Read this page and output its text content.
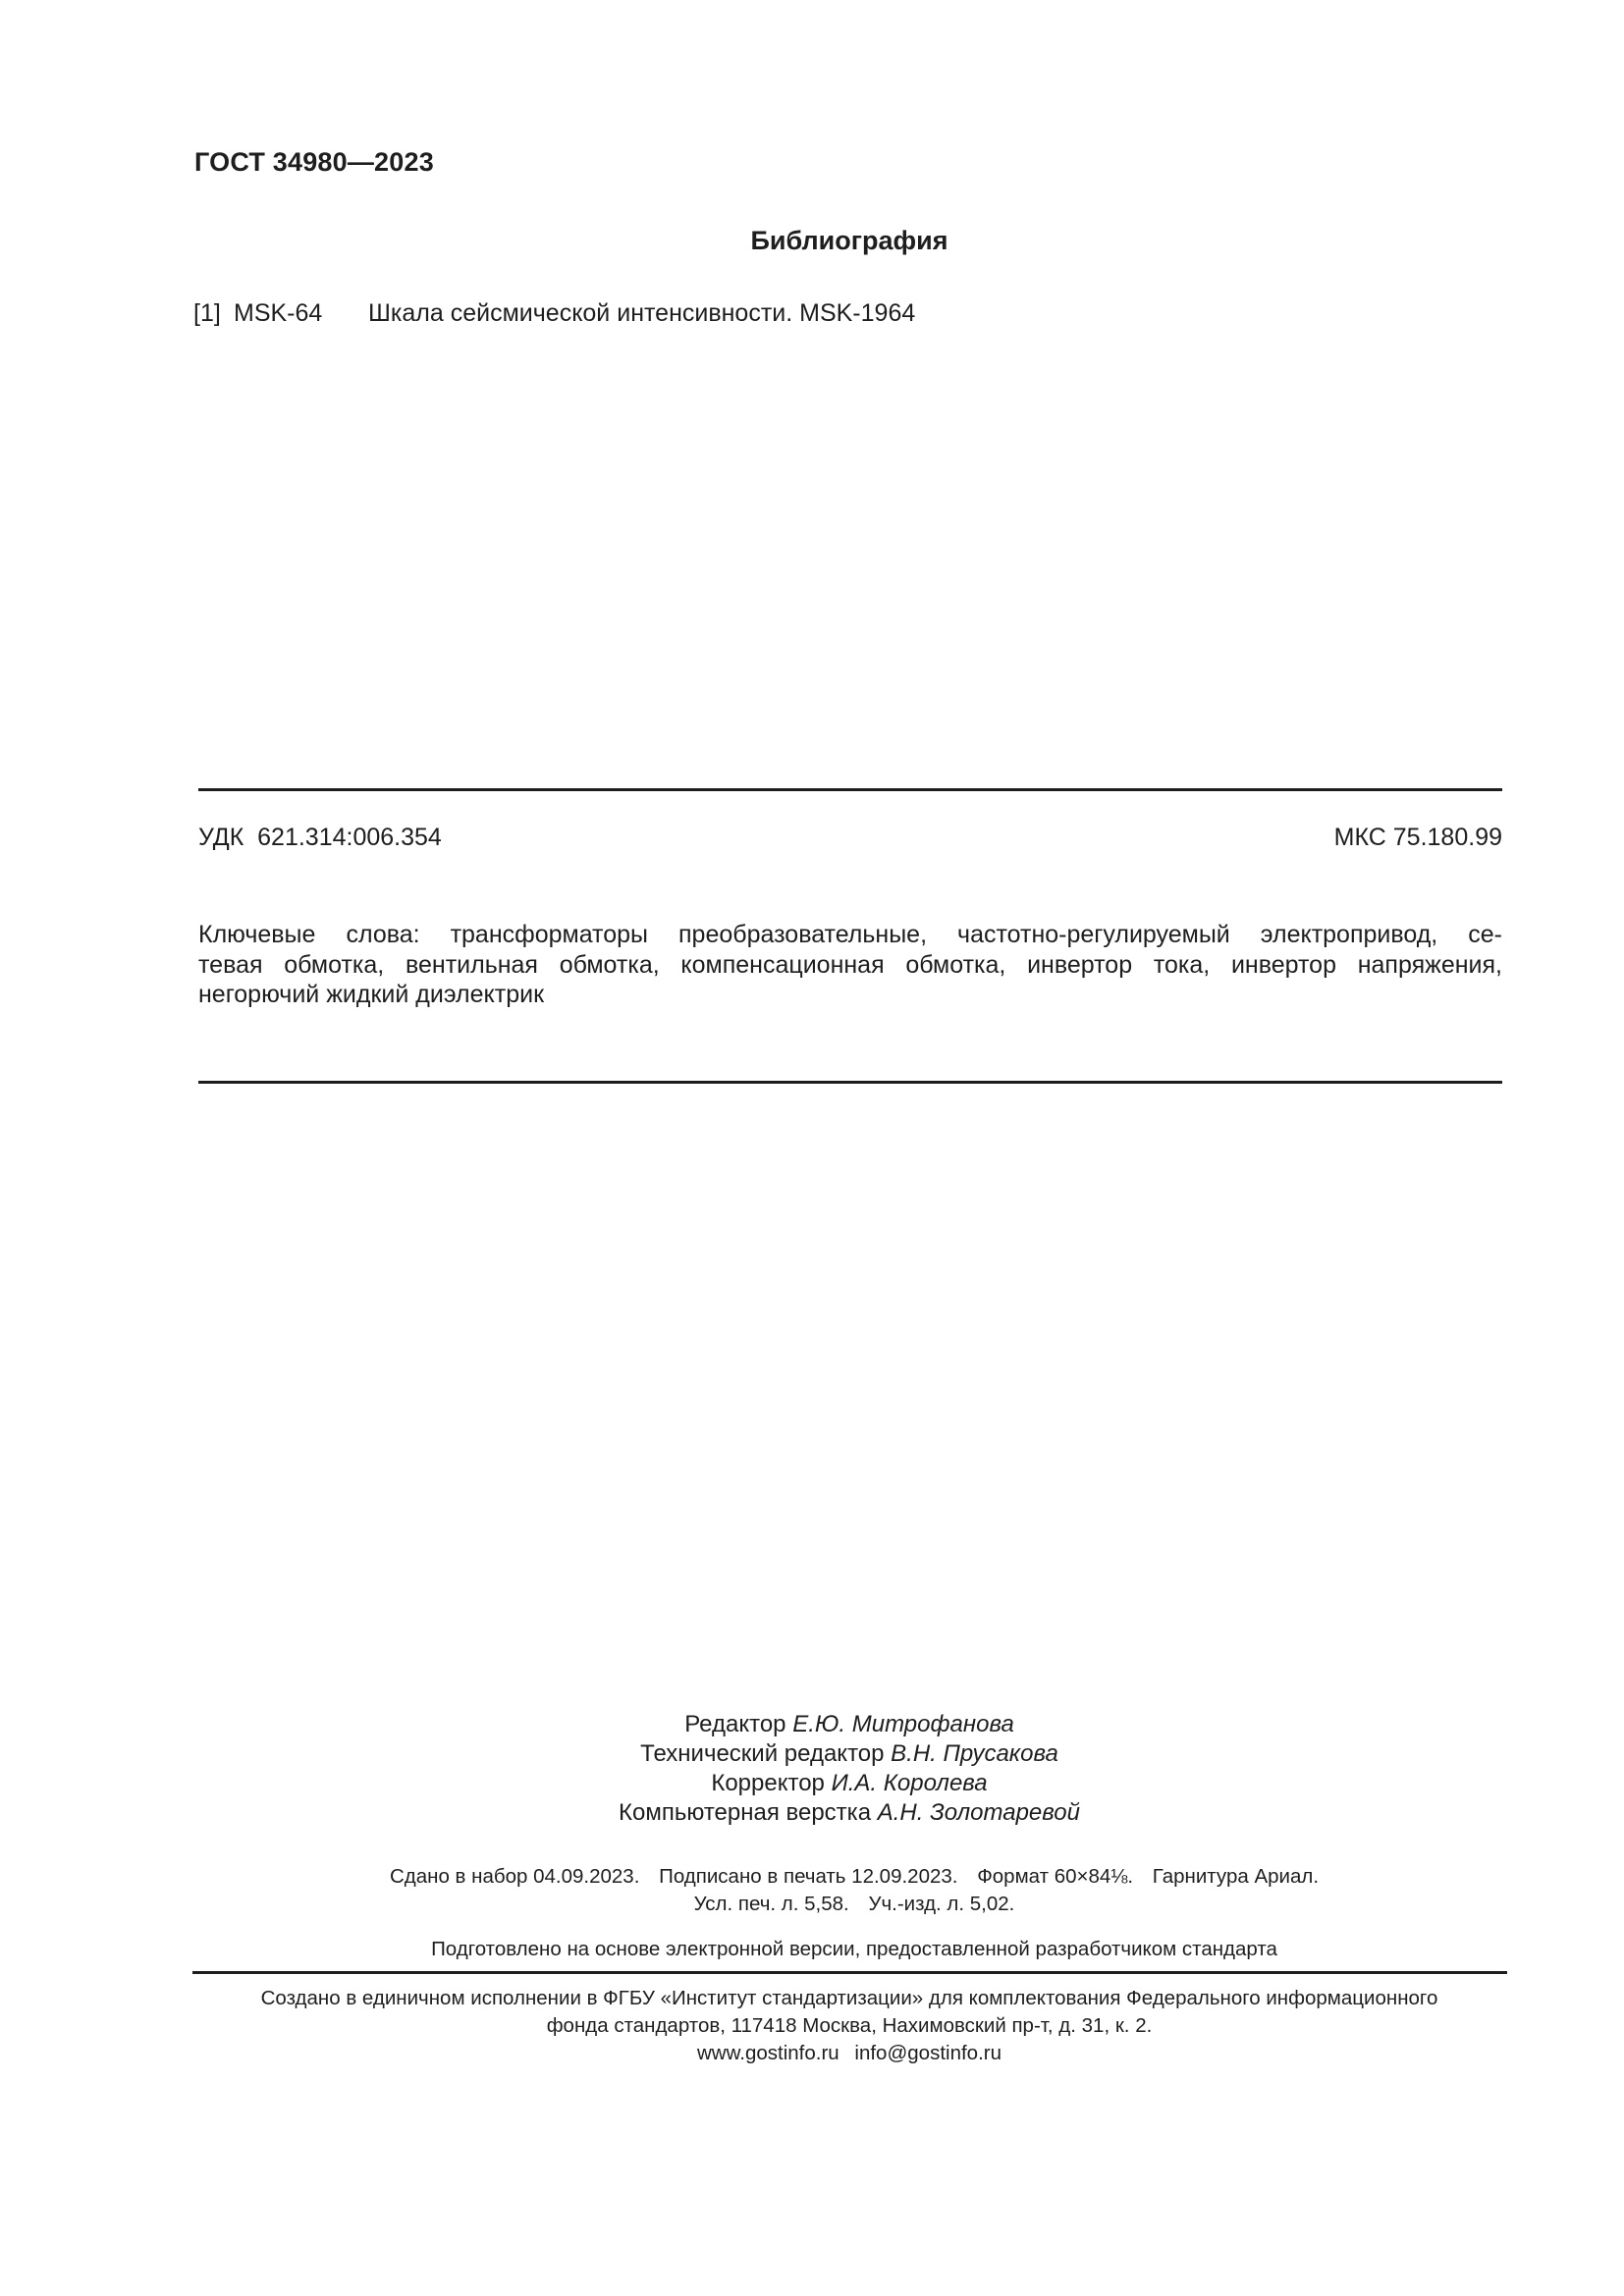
ГОСТ 34980—2023
Библиография
[1] MSK-64 Шкала сейсмической интенсивности. MSK-1964
УДК  621.314:006.354	МКС 75.180.99
Ключевые слова: трансформаторы преобразовательные, частотно-регулируемый электропривод, се-
тевая обмотка, вентильная обмотка, компенсационная обмотка, инвертор тока, инвертор напряжения,
негорючий жидкий диэлектрик
Редактор Е.Ю. Митрофанова
Технический редактор В.Н. Прусакова
Корректор И.А. Королева
Компьютерная верстка А.Н. Золотаревой
Сдано в набор 04.09.2023. Подписано в печать 12.09.2023. Формат 60×84⅛. Гарнитура Ариал.
Усл. печ. л. 5,58. Уч.-изд. л. 5,02.
Подготовлено на основе электронной версии, предоставленной разработчиком стандарта
Создано в единичном исполнении в ФГБУ «Институт стандартизации» для комплектования Федерального информационного
фонда стандартов, 117418 Москва, Нахимовский пр-т, д. 31, к. 2.
www.gostinfo.ru info@gostinfo.ru
